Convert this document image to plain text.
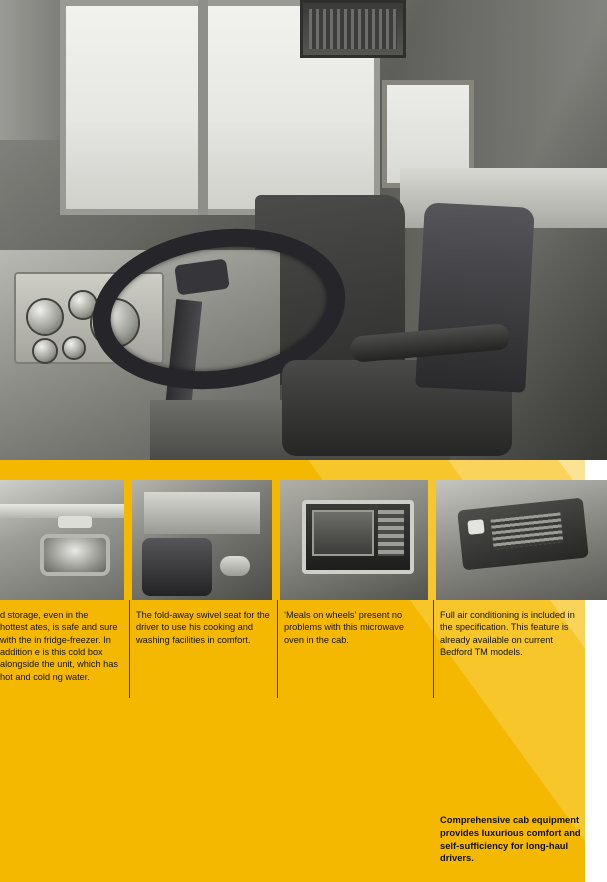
d storage, even in the hottest ates, is safe and sure with the in fridge-freezer. In addition e is this cold box alongside the unit, which has hot and cold ng water.

The fold-away swivel seat for the driver to use his cooking and washing facilities in comfort.

‘Meals on wheels’ present no problems with this microwave oven in the cab.

Full air conditioning is included in the specification. This feature is already available on current Bedford TM models.

Comprehensive cab equipment provides luxurious comfort and self-sufficiency for long-haul drivers.
